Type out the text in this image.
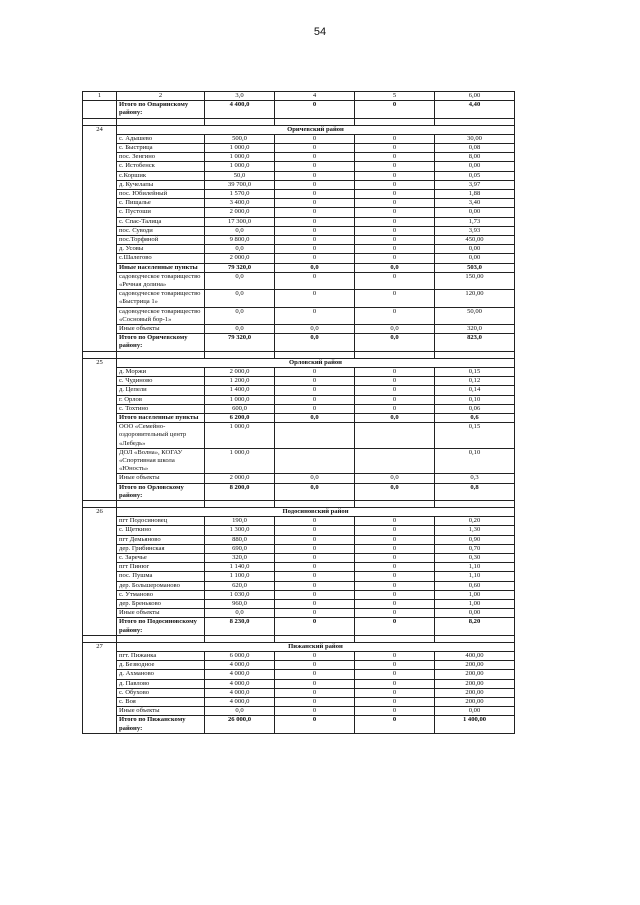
54
1	2	3,0	4	5	6,00
	Итого по Опаринскому району:	4 400,0	0	0	4,40

24	Оричевский район				
	с. Адышево	500,0	0	0	30,00
	с. Быстрица	1 000,0	0	0	0,08
	пос. Зенгино	1 000,0	0	0	8,00
	с. Истобенск	1 000,0	0	0	0,00
	с.Коршик	50,0	0	0	0,05
	д. Кучелапы	39 700,0	0	0	3,97
	пос. Юбилейный	1 570,0	0	0	1,88
	с. Пищалье	3 400,0	0	0	3,40
	с. Пустоши	2 000,0	0	0	0,00
	с. Спас-Талица	17 300,0	0	0	1,73
	пос. Суводи	0,0	0	0	3,93
	пос.Торфяной	9 800,0	0	0	450,00
	д. Усовы	0,0	0	0	0,00
	с.Шалегово	2 000,0	0	0	0,00
	Иные населенные пункты	79 320,0	0,0	0,0	503,0
	садоводческое товарищество «Речная долина»	0,0	0	0	150,00
	садоводческое товарищество «Быстрица 1»	0,0	0	0	120,00
	садоводческое товарищество «Сосновый бор-1»	0,0	0	0	50,00
	Иные объекты	0,0	0,0	0,0	320,0
	Итого по Оричевскому району:	79 320,0	0,0	0,0	823,0

25	Орловский район				
	д. Моржи	2 000,0	0	0	0,15
	с. Чудиново	1 200,0	0	0	0,12
	д. Цепели	1 400,0	0	0	0,14
	г. Орлов	1 000,0	0	0	0,10
	с. Тохтино	600,0	0	0	0,06
	Итого населенные пункты	6 200,0	0,0	0,0	0,6
	ООО «Семейно-оздоровительный центр «Лебедь»	1 000,0			0,15
	ДОЛ «Волна», КОГАУ «Спортивная школа «Юность»	1 000,0			0,10
	Иные объекты	2 000,0	0,0	0,0	0,3
	Итого по Орловскому району:	8 200,0	0,0	0,0	0,8

26	Подосиновский район				
	пгт Подосиновец	190,0	0	0	0,20
	с. Щеткино	1 300,0	0	0	1,30
	пгт Демьяново	880,0	0	0	0,90
	дер. Грибинская	690,0	0	0	0,70
	с. Заречье	320,0	0	0	0,30
	пгт Пинюг	1 140,0	0	0	1,10
	пос. Пушма	1 100,0	0	0	1,10
	дер. Большероманово	620,0	0	0	0,60
	с. Утманово	1 030,0	0	0	1,00
	дер. Бреньково	960,0	0	0	1,00
	Иные объекты	0,0	0	0	0,00
	Итого по Подосиновскому району:	8 230,0	0	0	8,20

27	Пижанский район				
	пгт. Пижанка	6 000,0	0	0	400,00
	д. Безводное	4 000,0	0	0	200,00
	д. Ахманово	4 000,0	0	0	200,00
	д. Павлово	4 000,0	0	0	200,00
	с. Обухово	4 000,0	0	0	200,00
	с. Воя	4 000,0	0	0	200,00
	Иные объекты	0,0	0	0	0,00
	Итого по Пижанскому району:	26 000,0	0	0	1 400,00
